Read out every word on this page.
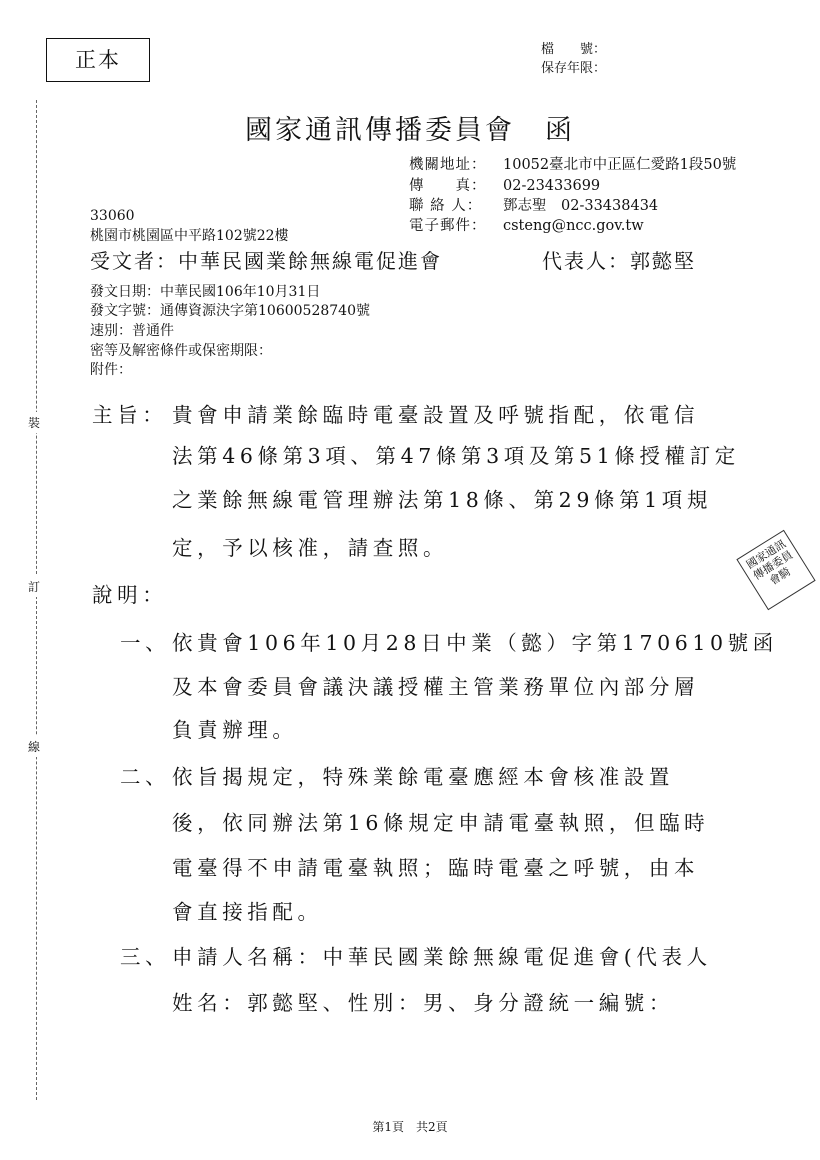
正本	檔　　號：
保存年限：
裝
訂
線
國家通訊傳播委員會　函
機關地址： 10052臺北市中正區仁愛路1段50號
傳　　真： 02-23433699
聯 絡 人： 鄧志聖　02-33438434
電子郵件： csteng@ncc.gov.tw
33060
桃園市桃園區中平路102號22樓
受文者：中華民國業餘無線電促進會	代表人：郭懿堅
發文日期：中華民國106年10月31日
發文字號：通傳資源決字第10600528740號
速別：普通件
密等及解密條件或保密期限：
附件：
主旨： 貴會申請業餘臨時電臺設置及呼號指配，依電信
法第46條第3項、第47條第3項及第51條授權訂定
之業餘無線電管理辦法第18條、第29條第1項規
定，予以核准，請查照。
說明：
一、 依貴會106年10月28日中業（懿）字第170610號函
及本會委員會議決議授權主管業務單位內部分層
負責辦理。
二、 依旨揭規定，特殊業餘電臺應經本會核准設置
後，依同辦法第16條規定申請電臺執照，但臨時
電臺得不申請電臺執照；臨時電臺之呼號，由本
會直接指配。
三、 申請人名稱：中華民國業餘無線電促進會(代表人
姓名：郭懿堅、性別：男、身分證統一編號：
國家通訊傳播委員會騎
第1頁　共2頁
